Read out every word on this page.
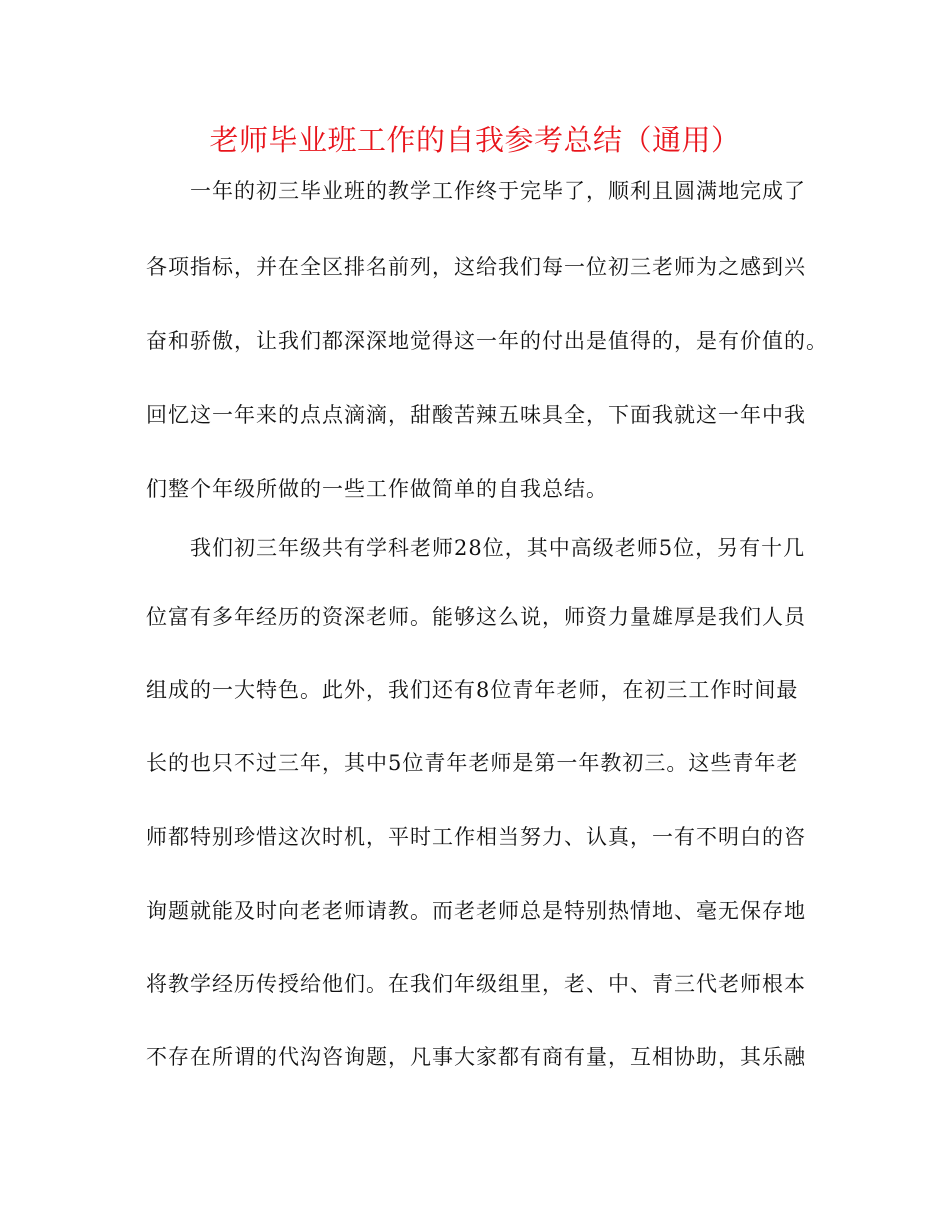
老师毕业班工作的自我参考总结（通用）
一年的初三毕业班的教学工作终于完毕了，顺利且圆满地完成了
各项指标，并在全区排名前列，这给我们每一位初三老师为之感到兴
奋和骄傲，让我们都深深地觉得这一年的付出是值得的，是有价值的。
回忆这一年来的点点滴滴，甜酸苦辣五味具全，下面我就这一年中我
们整个年级所做的一些工作做简单的自我总结。
我们初三年级共有学科老师28位，其中高级老师5位，另有十几
位富有多年经历的资深老师。能够这么说，师资力量雄厚是我们人员
组成的一大特色。此外，我们还有8位青年老师，在初三工作时间最
长的也只不过三年，其中5位青年老师是第一年教初三。这些青年老
师都特别珍惜这次时机，平时工作相当努力、认真，一有不明白的咨
询题就能及时向老老师请教。而老老师总是特别热情地、毫无保存地
将教学经历传授给他们。在我们年级组里，老、中、青三代老师根本
不存在所谓的代沟咨询题，凡事大家都有商有量，互相协助，其乐融
